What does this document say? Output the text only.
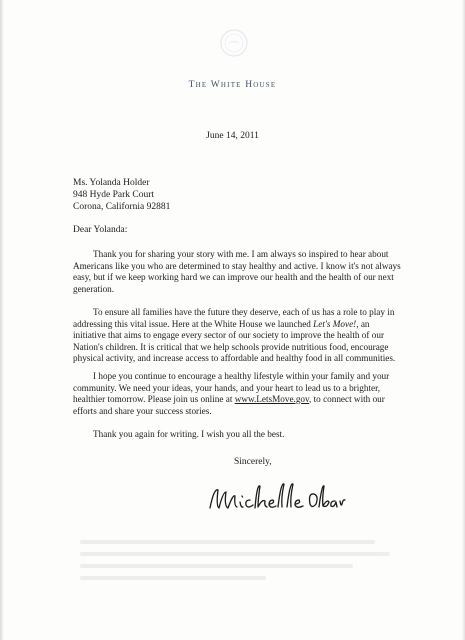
The White House
June 14, 2011
Ms. Yolanda Holder
948 Hyde Park Court
Corona, California 92881
Dear Yolanda:

Thank you for sharing your story with me. I am always so inspired to hear about Americans like you who are determined to stay healthy and active. I know it's not always easy, but if we keep working hard we can improve our health and the health of our next generation.

To ensure all families have the future they deserve, each of us has a role to play in addressing this vital issue. Here at the White House we launched Let's Move!, an initiative that aims to engage every sector of our society to improve the health of our Nation's children. It is critical that we help schools provide nutritious food, encourage physical activity, and increase access to affordable and healthy food in all communities.

I hope you continue to encourage a healthy lifestyle within your family and your community. We need your ideas, your hands, and your heart to lead us to a brighter, healthier tomorrow. Please join us online at www.LetsMove.gov, to connect with our efforts and share your success stories.

Thank you again for writing. I wish you all the best.

Sincerely,
